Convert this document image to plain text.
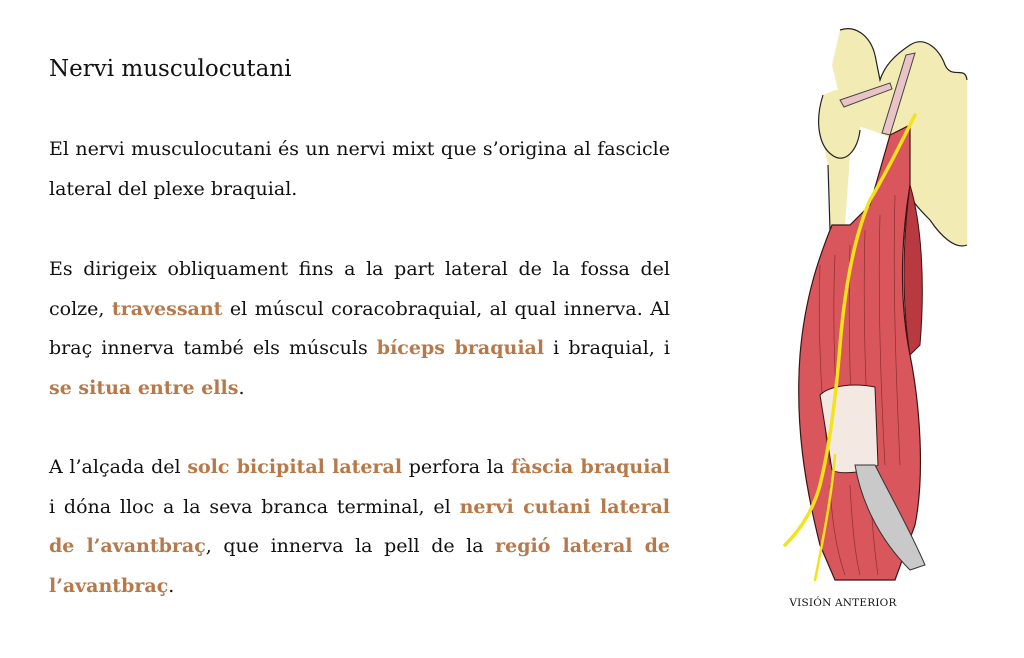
Nervi musculocutani

El nervi musculocutani és un nervi mixt que s’origina al fascicle lateral del plexe braquial.

Es dirigeix obliquament fins a la part lateral de la fossa del colze, travessant el múscul coracobraquial, al qual innerva. Al braç innerva també els músculs bíceps braquial i braquial, i se situa entre ells.

A l’alçada del solc bicipital lateral perfora la fàscia braquial i dóna lloc a la seva branca terminal, el nervi cutani lateral de l’avantbraç, que innerva la pell de la regió lateral de l’avantbraç.

VISIÓN ANTERIOR
